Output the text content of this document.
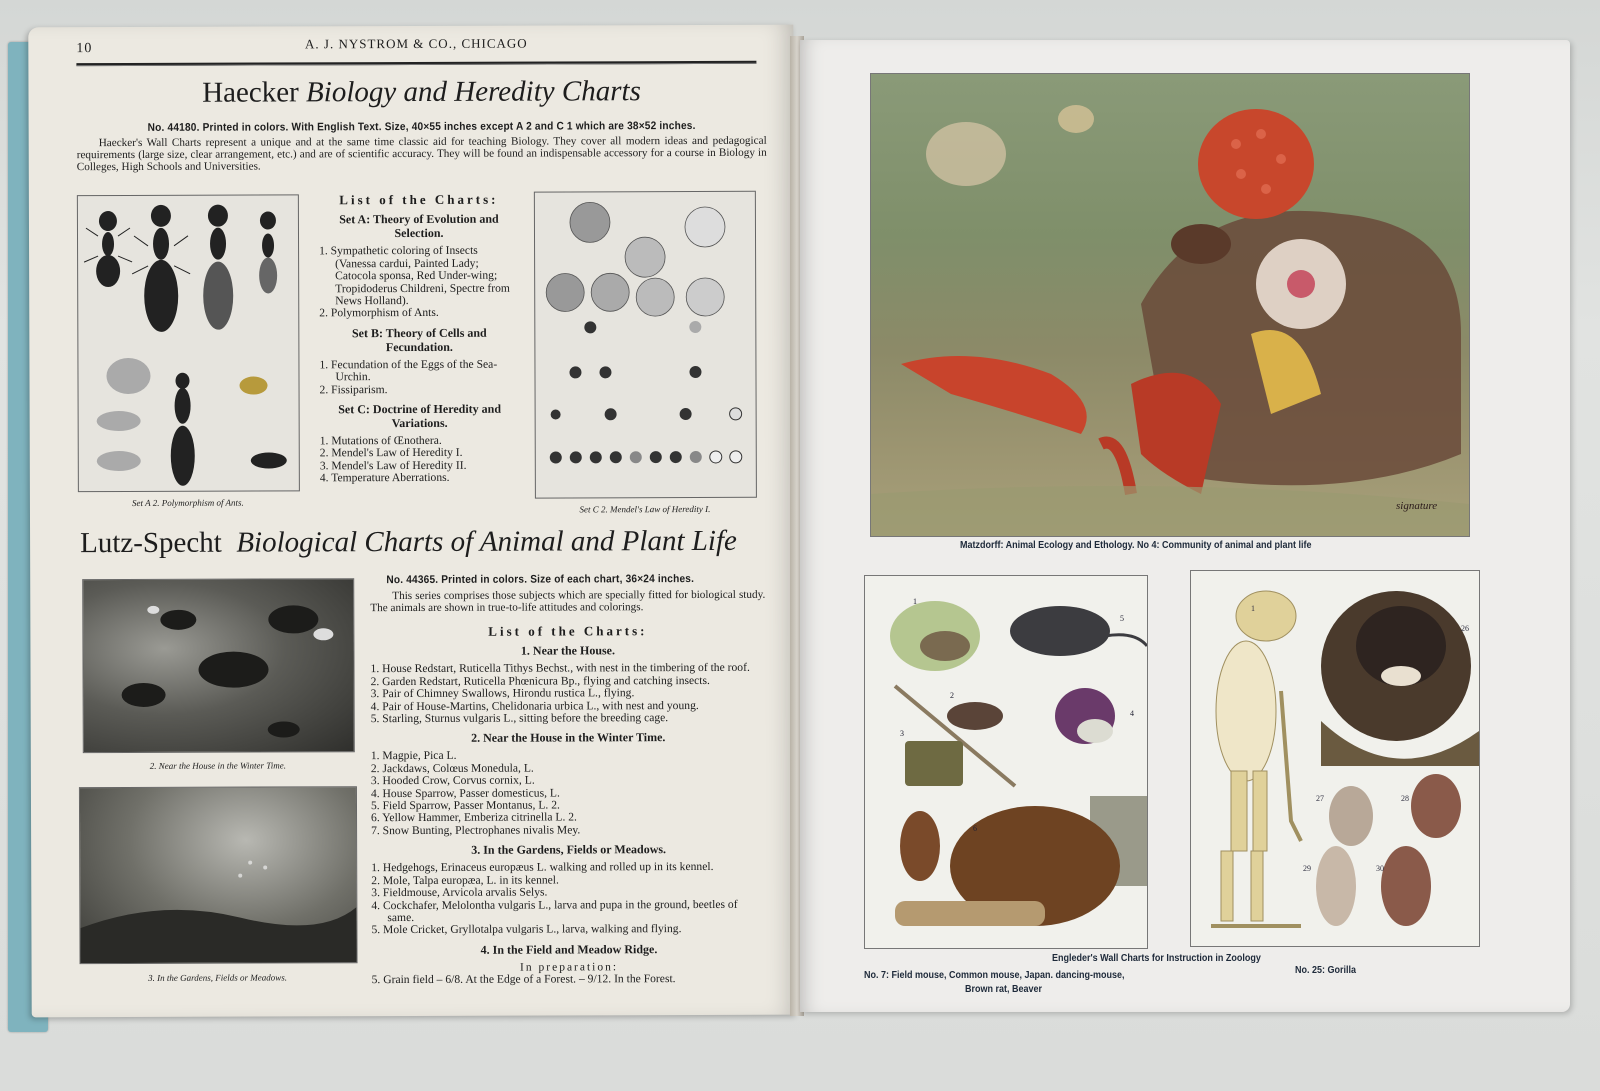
10	A. J. NYSTROM & CO., CHICAGO
Haecker Biology and Heredity Charts
No. 44180. Printed in colors. With English Text. Size, 40×55 inches except A 2 and C 1 which are 38×52 inches.
Haecker's Wall Charts represent a unique and at the same time classic aid for teaching Biology. They cover all modern ideas and pedagogical requirements (large size, clear arrangement, etc.) and are of scientific accuracy. They will be found an indispensable accessory for a course in Biology in Colleges, High Schools and Universities.
Set A 2. Polymorphism of Ants.
List of the Charts:
Set A: Theory of Evolution and Selection.
1. Sympathetic coloring of Insects (Vanessa cardui, Painted Lady; Catocola sponsa, Red Under-wing; Tropidoderus Childreni, Spectre from News Holland).
2. Polymorphism of Ants.
Set B: Theory of Cells and Fecundation.
1. Fecundation of the Eggs of the Sea-Urchin.
2. Fissiparism.
Set C: Doctrine of Heredity and Variations.
1. Mutations of Œnothera.
2. Mendel's Law of Heredity I.
3. Mendel's Law of Heredity II.
4. Temperature Aberrations.
Set C 2. Mendel's Law of Heredity I.
Lutz-Specht Biological Charts of Animal and Plant Life
No. 44365. Printed in colors. Size of each chart, 36×24 inches.
2. Near the House in the Winter Time.
3. In the Gardens, Fields or Meadows.
This series comprises those subjects which are specially fitted for biological study. The animals are shown in true-to-life attitudes and colorings.
List of the Charts:
1. Near the House.
1. House Redstart, Ruticella Tithys Bechst., with nest in the timbering of the roof.
2. Garden Redstart, Ruticella Phœnicura Bp., flying and catching insects.
3. Pair of Chimney Swallows, Hirondu rustica L., flying.
4. Pair of House-Martins, Chelidonaria urbica L., with nest and young.
5. Starling, Sturnus vulgaris L., sitting before the breeding cage.
2. Near the House in the Winter Time.
1. Magpie, Pica L.
2. Jackdaws, Colœus Monedula, L.
3. Hooded Crow, Corvus cornix, L.
4. House Sparrow, Passer domesticus, L.
5. Field Sparrow, Passer Montanus, L. 2.
6. Yellow Hammer, Emberiza citrinella L. 2.
7. Snow Bunting, Plectrophanes nivalis Mey.
3. In the Gardens, Fields or Meadows.
1. Hedgehogs, Erinaceus europæus L. walking and rolled up in its kennel.
2. Mole, Talpa europæa, L. in its kennel.
3. Fieldmouse, Arvicola arvalis Selys.
4. Cockchafer, Melolontha vulgaris L., larva and pupa in the ground, beetles of same.
5. Mole Cricket, Gryllotalpa vulgaris L., larva, walking and flying.
4. In the Field and Meadow Ridge.
In preparation:
5. Grain field – 6/8. At the Edge of a Forest. – 9/12. In the Forest.
signature
Matzdorff: Animal Ecology and Ethology. No 4: Community of animal and plant life
1
2
3
4
5
6
1
26
27	28
29	30
Engleder's Wall Charts for Instruction in Zoology
No. 7: Field mouse, Common mouse, Japan. dancing-mouse,
Brown rat, Beaver
No. 25: Gorilla
